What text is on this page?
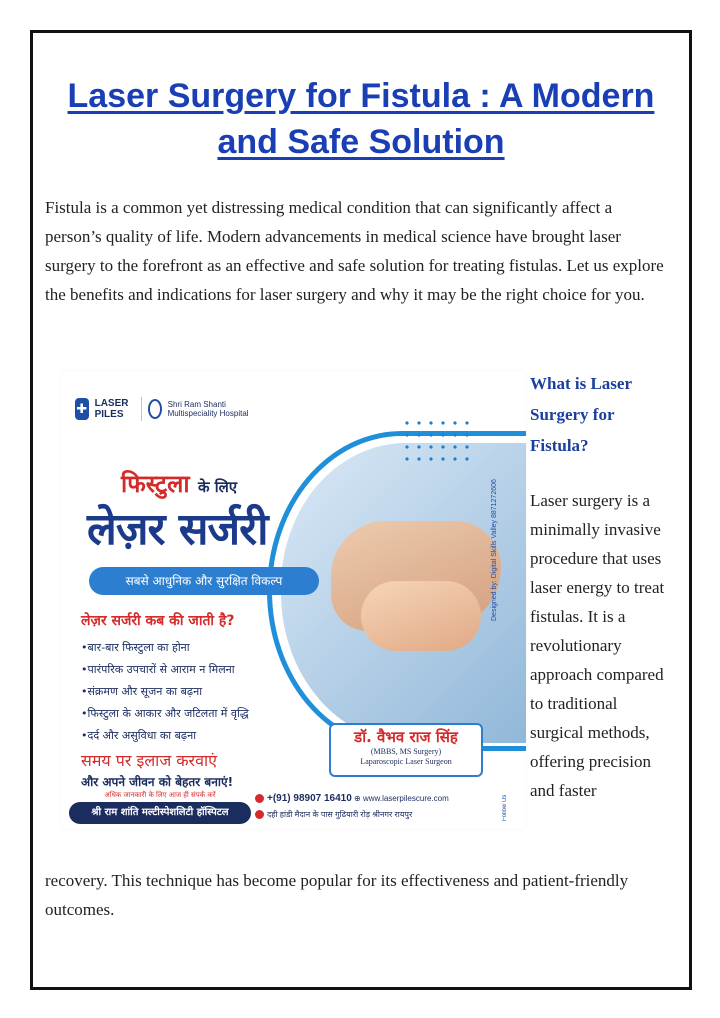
Laser Surgery for Fistula : A Modern and Safe Solution
Fistula is a common yet distressing medical condition that can significantly affect a person’s quality of life. Modern advancements in medical science have brought laser surgery to the forefront as an effective and safe solution for treating fistulas. Let us explore the benefits and indications for laser surgery and why it may be the right choice for you.
✚ LASER PILES
Shri Ram Shanti Multispeciality Hospital
फिस्टुला के लिए
लेज़र सर्जरी
सबसे आधुनिक और सुरक्षित विकल्प
लेज़र सर्जरी कब की जाती है?
• बार-बार फिस्टुला का होना
• पारंपरिक उपचारों से आराम न मिलना
• संक्रमण और सूजन का बढ़ना
• फिस्टुला के आकार और जटिलता में वृद्धि
• दर्द और असुविधा का बढ़ना
समय पर इलाज करवाएं
और अपने जीवन को बेहतर बनाएं!
डॉ. वैभव राज सिंह
(MBBS, MS Surgery)
Laparoscopic Laser Surgeon
Designed by: Digital Skills Valley 8871272606
अधिक जानकारी के लिए आज ही संपर्क करें
श्री राम शांति मल्टीस्पेशलिटी हॉस्पिटल
+(91) 98907 16410 ⊕ www.laserpilescure.com
दही हांडी मैदान के पास गुढियारी रोड़ श्रीनगर रायपुर	Follow Us
What is Laser Surgery for Fistula?
Laser surgery is a minimally invasive procedure that uses laser energy to treat fistulas. It is a revolutionary approach compared to traditional surgical methods, offering precision and faster
recovery. This technique has become popular for its effectiveness and patient-friendly outcomes.
